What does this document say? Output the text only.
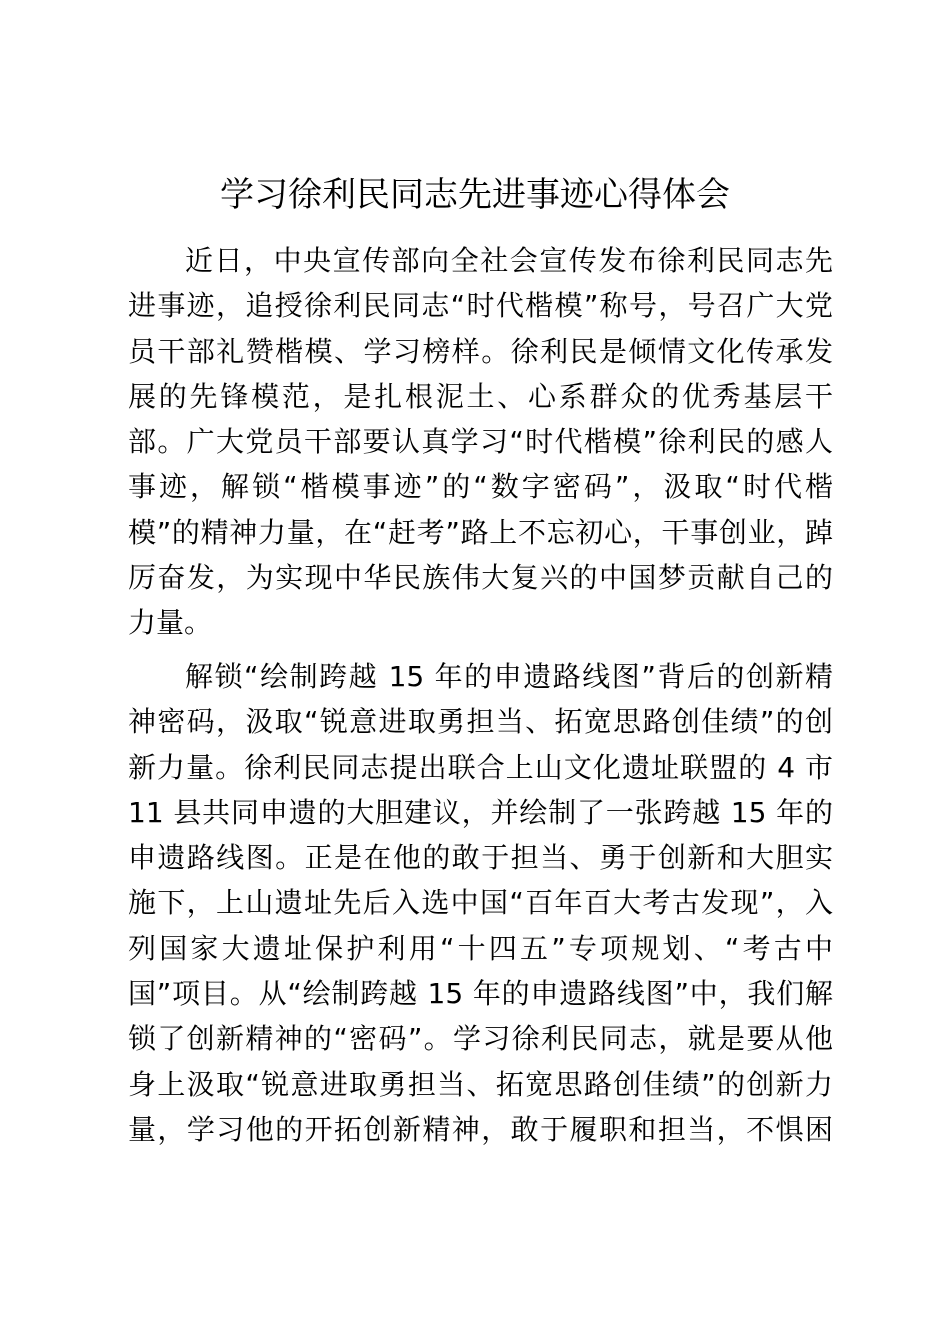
学习徐利民同志先进事迹心得体会
近日，中央宣传部向全社会宣传发布徐利民同志先
进事迹，追授徐利民同志“时代楷模”称号，号召广大党
员干部礼赞楷模、学习榜样。徐利民是倾情文化传承发
展的先锋模范，是扎根泥土、心系群众的优秀基层干
部。广大党员干部要认真学习“时代楷模”徐利民的感人
事迹，解锁“楷模事迹”的“数字密码”，汲取“时代楷
模”的精神力量，在“赶考”路上不忘初心，干事创业，踔
厉奋发，为实现中华民族伟大复兴的中国梦贡献自己的
力量。
解锁“绘制跨越 15 年的申遗路线图”背后的创新精
神密码，汲取“锐意进取勇担当、拓宽思路创佳绩”的创
新力量。徐利民同志提出联合上山文化遗址联盟的 4 市
11 县共同申遗的大胆建议，并绘制了一张跨越 15 年的
申遗路线图。正是在他的敢于担当、勇于创新和大胆实
施下，上山遗址先后入选中国“百年百大考古发现”，入
列国家大遗址保护利用“十四五”专项规划、“考古中
国”项目。从“绘制跨越 15 年的申遗路线图”中，我们解
锁了创新精神的“密码”。学习徐利民同志，就是要从他
身上汲取“锐意进取勇担当、拓宽思路创佳绩”的创新力
量，学习他的开拓创新精神，敢于履职和担当，不惧困
